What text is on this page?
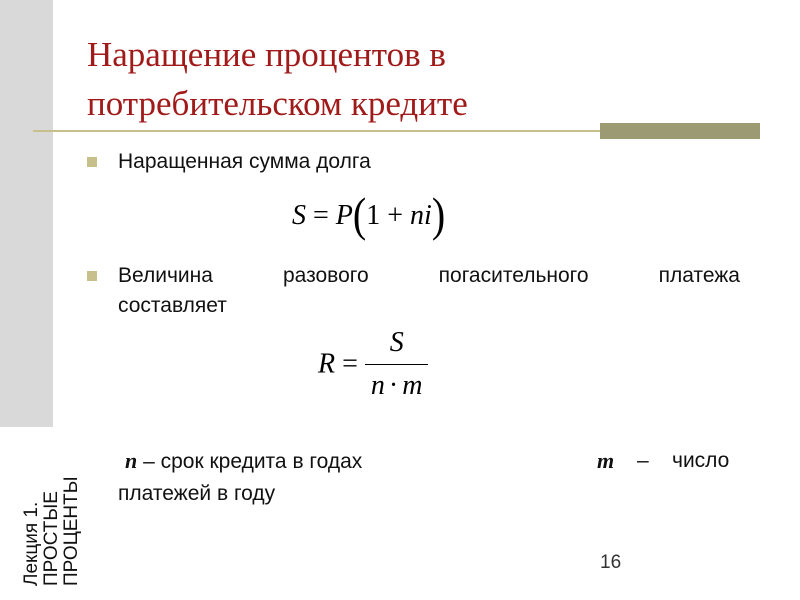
Наращение процентов в
потребительском кредите
Наращенная сумма долга
S = P(1 + ni)
Величина разового погасительного платежа
составляет
$R = \frac{S}{n \cdot m}$
n – срок кредита в годах	m – число
платежей в году
Лекция 1. ПРОСТЫЕ ПРОЦЕНТЫ	16
